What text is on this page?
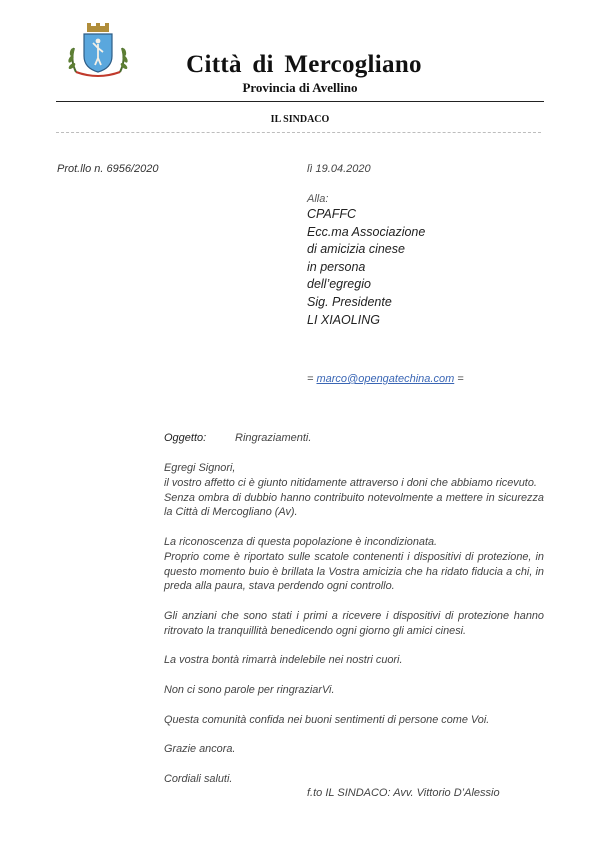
Città di Mercogliano
Provincia di Avellino
IL SINDACO
Prot.llo n. 6956/2020	lì 19.04.2020
Alla:
CPAFFC
Ecc.ma Associazione
di amicizia cinese
in persona
dell’egregio
Sig. Presidente
LI XIAOLING
= marco@opengatechina.com =
Oggetto:	Ringraziamenti.

Egregi Signori,
il vostro affetto ci è giunto nitidamente attraverso i doni che abbiamo ricevuto.
Senza ombra di dubbio hanno contribuito notevolmente a mettere in sicurezza la Città di Mercogliano (Av).

La riconoscenza di questa popolazione è incondizionata.
Proprio come è riportato sulle scatole contenenti i dispositivi di protezione, in questo momento buio è brillata la Vostra amicizia che ha ridato fiducia a chi, in preda alla paura, stava perdendo ogni controllo.

Gli anziani che sono stati i primi a ricevere i dispositivi di protezione hanno ritrovato la tranquillità benedicendo ogni giorno gli amici cinesi.

La vostra bontà rimarrà indelebile nei nostri cuori.

Non ci sono parole per ringraziarVi.

Questa comunità confida nei buoni sentimenti di persone come Voi.

Grazie ancora.

Cordiali saluti.

f.to IL SINDACO: Avv. Vittorio D’Alessio
